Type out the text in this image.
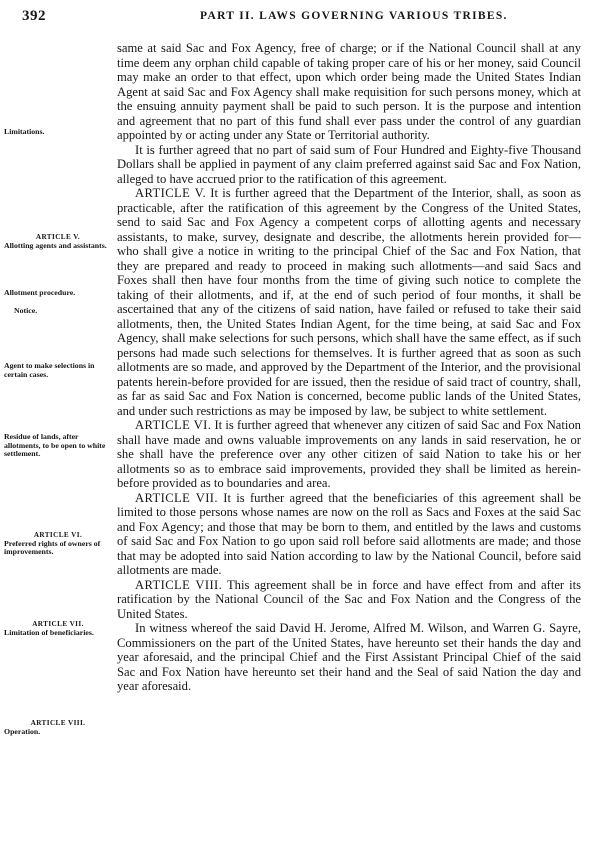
392	PART II. LAWS GOVERNING VARIOUS TRIBES.
Limitations.
ARTICLE V.
Allotting agents and assistants.
Allotment procedure.
Notice.
Agent to make selections in certain cases.
Residue of lands, after allotments, to be open to white settlement.
ARTICLE VI.
Preferred rights of owners of improvements.
ARTICLE VII.
Limitation of beneficiaries.
ARTICLE VIII.
Operation.

same at said Sac and Fox Agency, free of charge; or if the National Council shall at any time deem any orphan child capable of taking proper care of his or her money, said Council may make an order to that effect, upon which order being made the United States Indian Agent at said Sac and Fox Agency shall make requisition for such persons money, which at the ensuing annuity payment shall be paid to such person. It is the purpose and intention and agreement that no part of this fund shall ever pass under the control of any guardian appointed by or acting under any State or Territorial authority.

It is further agreed that no part of said sum of Four Hundred and Eighty-five Thousand Dollars shall be applied in payment of any claim preferred against said Sac and Fox Nation, alleged to have accrued prior to the ratification of this agreement.

ARTICLE V. It is further agreed that the Department of the Interior, shall, as soon as practicable, after the ratification of this agreement by the Congress of the United States, send to said Sac and Fox Agency a competent corps of allotting agents and necessary assistants, to make, survey, designate and describe, the allotments herein provided for—who shall give a notice in writing to the principal Chief of the Sac and Fox Nation, that they are prepared and ready to proceed in making such allotments—and said Sacs and Foxes shall then have four months from the time of giving such notice to complete the taking of their allotments, and if, at the end of such period of four months, it shall be ascertained that any of the citizens of said nation, have failed or refused to take their said allotments, then, the United States Indian Agent, for the time being, at said Sac and Fox Agency, shall make selections for such persons, which shall have the same effect, as if such persons had made such selections for themselves. It is further agreed that as soon as such allotments are so made, and approved by the Department of the Interior, and the provisional patents herein-before provided for are issued, then the residue of said tract of country, shall, as far as said Sac and Fox Nation is concerned, become public lands of the United States, and under such restrictions as may be imposed by law, be subject to white settlement.

ARTICLE VI. It is further agreed that whenever any citizen of said Sac and Fox Nation shall have made and owns valuable improvements on any lands in said reservation, he or she shall have the preference over any other citizen of said Nation to take his or her allotments so as to embrace said improvements, provided they shall be limited as herein-before provided as to boundaries and area.

ARTICLE VII. It is further agreed that the beneficiaries of this agreement shall be limited to those persons whose names are now on the roll as Sacs and Foxes at the said Sac and Fox Agency; and those that may be born to them, and entitled by the laws and customs of said Sac and Fox Nation to go upon said roll before said allotments are made; and those that may be adopted into said Nation according to law by the National Council, before said allotments are made.

ARTICLE VIII. This agreement shall be in force and have effect from and after its ratification by the National Council of the Sac and Fox Nation and the Congress of the United States.

In witness whereof the said David H. Jerome, Alfred M. Wilson, and Warren G. Sayre, Commissioners on the part of the United States, have hereunto set their hands the day and year aforesaid, and the principal Chief and the First Assistant Principal Chief of the said Sac and Fox Nation have hereunto set their hand and the Seal of said Nation the day and year aforesaid.
